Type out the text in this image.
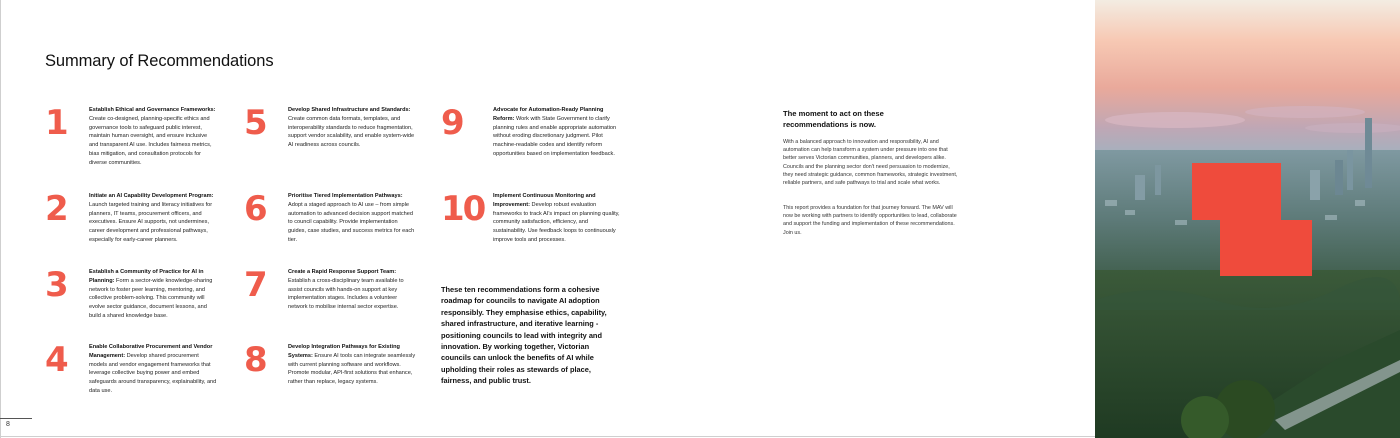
8
Summary of Recommendations
1	Establish Ethical and Governance Frameworks: Create co-designed, planning-specific ethics and governance tools to safeguard public interest, maintain human oversight, and ensure inclusive and transparent AI use. Includes fairness metrics, bias mitigation, and consultation protocols for diverse communities.
2	Initiate an AI Capability Development Program: Launch targeted training and literacy initiatives for planners, IT teams, procurement officers, and executives. Ensure AI supports, not undermines, career development and professional pathways, especially for early-career planners.
3	Establish a Community of Practice for AI in Planning: Form a sector-wide knowledge-sharing network to foster peer learning, mentoring, and collective problem-solving. This community will evolve sector guidance, document lessons, and build a shared knowledge base.
4	Enable Collaborative Procurement and Vendor Management: Develop shared procurement models and vendor engagement frameworks that leverage collective buying power and embed safeguards around transparency, explainability, and data use.
5	Develop Shared Infrastructure and Standards: Create common data formats, templates, and interoperability standards to reduce fragmentation, support vendor scalability, and enable system-wide AI readiness across councils.
6	Prioritise Tiered Implementation Pathways: Adopt a staged approach to AI use – from simple automation to advanced decision support matched to council capability. Provide implementation guides, case studies, and success metrics for each tier.
7	Create a Rapid Response Support Team: Establish a cross-disciplinary team available to assist councils with hands-on support at key implementation stages. Includes a volunteer network to mobilise internal sector expertise.
8	Develop Integration Pathways for Existing Systems: Ensure AI tools can integrate seamlessly with current planning software and workflows. Promote modular, API-first solutions that enhance, rather than replace, legacy systems.
9	Advocate for Automation-Ready Planning Reform: Work with State Government to clarify planning rules and enable appropriate automation without eroding discretionary judgment. Pilot machine-readable codes and identify reform opportunities based on implementation feedback.
10 Implement Continuous Monitoring and Improvement: Develop robust evaluation frameworks to track AI's impact on planning quality, community satisfaction, efficiency, and sustainability. Use feedback loops to continuously improve tools and processes.
These ten recommendations form a cohesive roadmap for councils to navigate AI adoption responsibly. They emphasise ethics, capability, shared infrastructure, and iterative learning - positioning councils to lead with integrity and innovation. By working together, Victorian councils can unlock the benefits of AI while upholding their roles as stewards of place, fairness, and public trust.
The moment to act on these recommendations is now.
With a balanced approach to innovation and responsibility, AI and automation can help transform a system under pressure into one that better serves Victorian communities, planners, and developers alike. Councils and the planning sector don't need persuasion to modernize, they need strategic guidance, common frameworks, strategic investment, reliable partners, and safe pathways to trial and scale what works.
This report provides a foundation for that journey forward. The MAV will now be working with partners to identify opportunities to lead, collaborate and support the funding and implementation of these recommendations. Join us.
